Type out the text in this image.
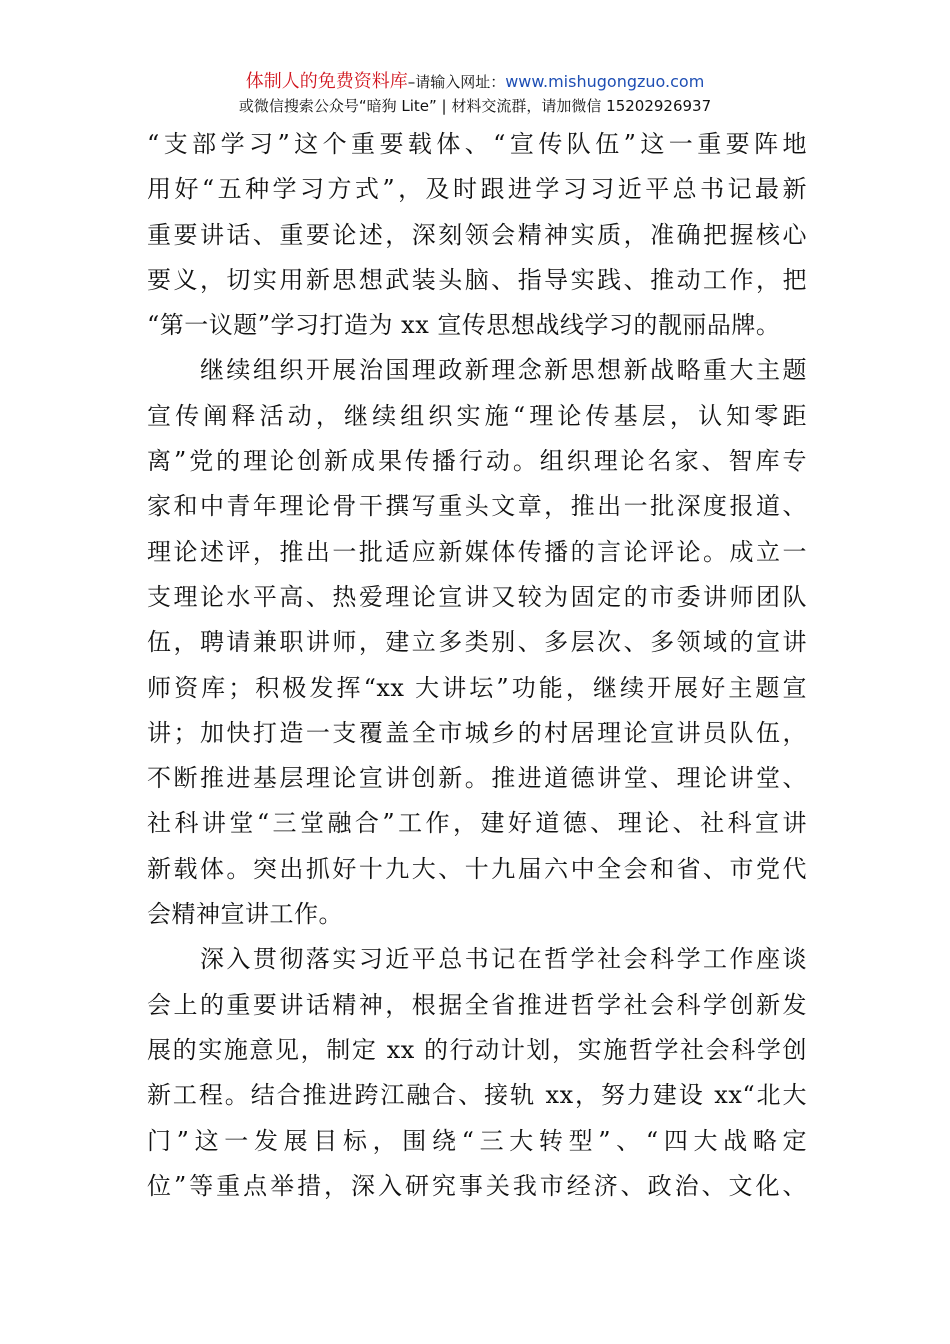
体制人的免费资料库–请输入网址：www.mishugongzuo.com
或微信搜索公众号“暗狗 Lite” | 材料交流群，请加微信 15202926937

“支部学习”这个重要载体、“宣传队伍”这一重要阵地
用好“五种学习方式”，及时跟进学习习近平总书记最新
重要讲话、重要论述，深刻领会精神实质，准确把握核心
要义，切实用新思想武装头脑、指导实践、推动工作，把
“第一议题”学习打造为 xx 宣传思想战线学习的靓丽品牌。

　　继续组织开展治国理政新理念新思想新战略重大主题
宣传阐释活动，继续组织实施“理论传基层，认知零距
离”党的理论创新成果传播行动。组织理论名家、智库专
家和中青年理论骨干撰写重头文章，推出一批深度报道、
理论述评，推出一批适应新媒体传播的言论评论。成立一
支理论水平高、热爱理论宣讲又较为固定的市委讲师团队
伍，聘请兼职讲师，建立多类别、多层次、多领域的宣讲
师资库；积极发挥“xx 大讲坛”功能，继续开展好主题宣
讲；加快打造一支覆盖全市城乡的村居理论宣讲员队伍，
不断推进基层理论宣讲创新。推进道德讲堂、理论讲堂、
社科讲堂“三堂融合”工作，建好道德、理论、社科宣讲
新载体。突出抓好十九大、十九届六中全会和省、市党代
会精神宣讲工作。

　　深入贯彻落实习近平总书记在哲学社会科学工作座谈
会上的重要讲话精神，根据全省推进哲学社会科学创新发
展的实施意见，制定 xx 的行动计划，实施哲学社会科学创
新工程。结合推进跨江融合、接轨 xx，努力建设 xx“北大
门”这一发展目标，围绕“三大转型”、“四大战略定
位”等重点举措，深入研究事关我市经济、政治、文化、
